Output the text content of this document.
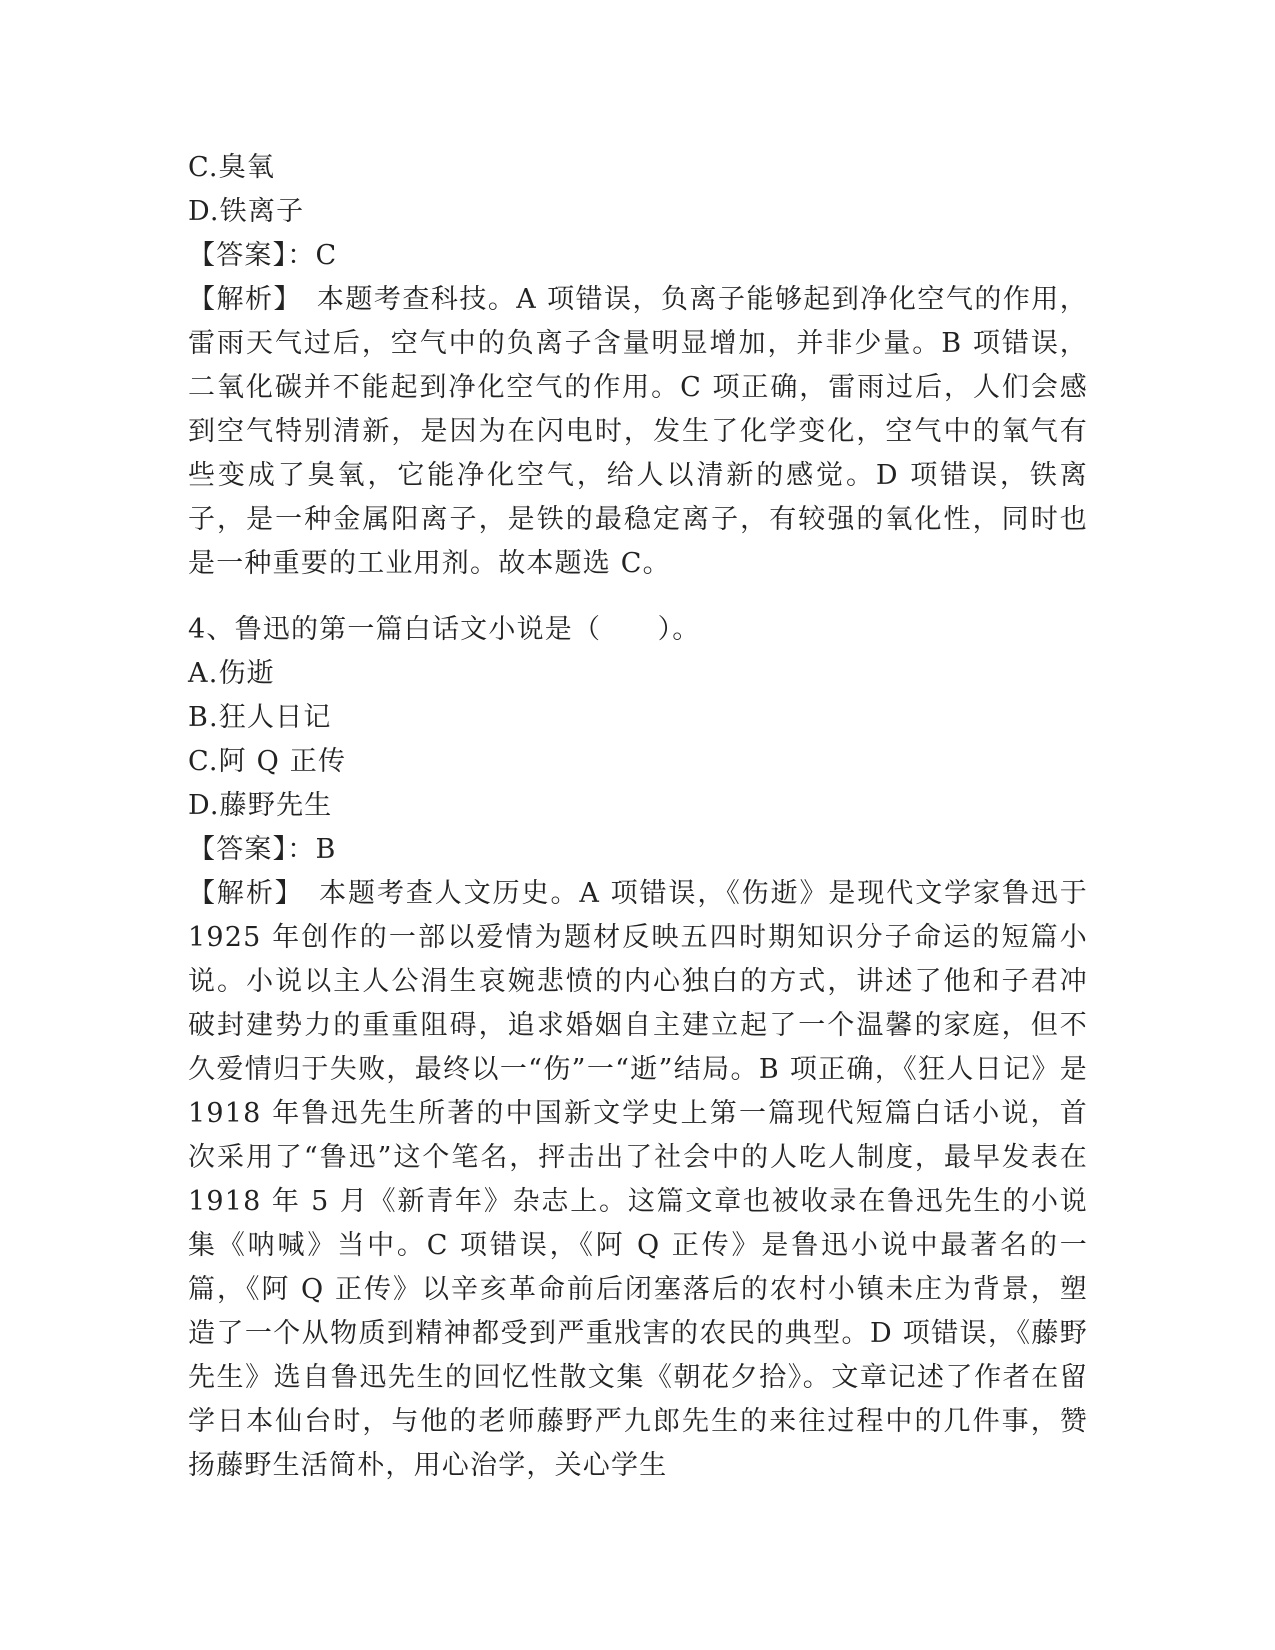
C.臭氧

D.铁离子

【答案】：C

【解析】　本题考查科技。A 项错误，负离子能够起到净化空气的作用，雷雨天气过后，空气中的负离子含量明显增加，并非少量。B 项错误，二氧化碳并不能起到净化空气的作用。C 项正确，雷雨过后，人们会感到空气特别清新，是因为在闪电时，发生了化学变化，空气中的氧气有些变成了臭氧，它能净化空气，给人以清新的感觉。D 项错误，铁离子，是一种金属阳离子，是铁的最稳定离子，有较强的氧化性，同时也是一种重要的工业用剂。故本题选 C。

4、鲁迅的第一篇白话文小说是（　　）。

A.伤逝

B.狂人日记

C.阿 Q 正传

D.藤野先生

【答案】：B

【解析】　本题考查人文历史。A 项错误，《伤逝》是现代文学家鲁迅于 1925 年创作的一部以爱情为题材反映五四时期知识分子命运的短篇小说。小说以主人公涓生哀婉悲愤的内心独白的方式，讲述了他和子君冲破封建势力的重重阻碍，追求婚姻自主建立起了一个温馨的家庭，但不久爱情归于失败，最终以一“伤”一“逝”结局。B 项正确，《狂人日记》是 1918 年鲁迅先生所著的中国新文学史上第一篇现代短篇白话小说，首次采用了“鲁迅”这个笔名，抨击出了社会中的人吃人制度，最早发表在 1918 年 5 月《新青年》杂志上。这篇文章也被收录在鲁迅先生的小说集《呐喊》当中。C 项错误，《阿 Q 正传》是鲁迅小说中最著名的一篇，《阿 Q 正传》以辛亥革命前后闭塞落后的农村小镇未庄为背景，塑造了一个从物质到精神都受到严重戕害的农民的典型。D 项错误，《藤野先生》选自鲁迅先生的回忆性散文集《朝花夕拾》。文章记述了作者在留学日本仙台时，与他的老师藤野严九郎先生的来往过程中的几件事，赞扬藤野生活简朴，用心治学，关心学生
